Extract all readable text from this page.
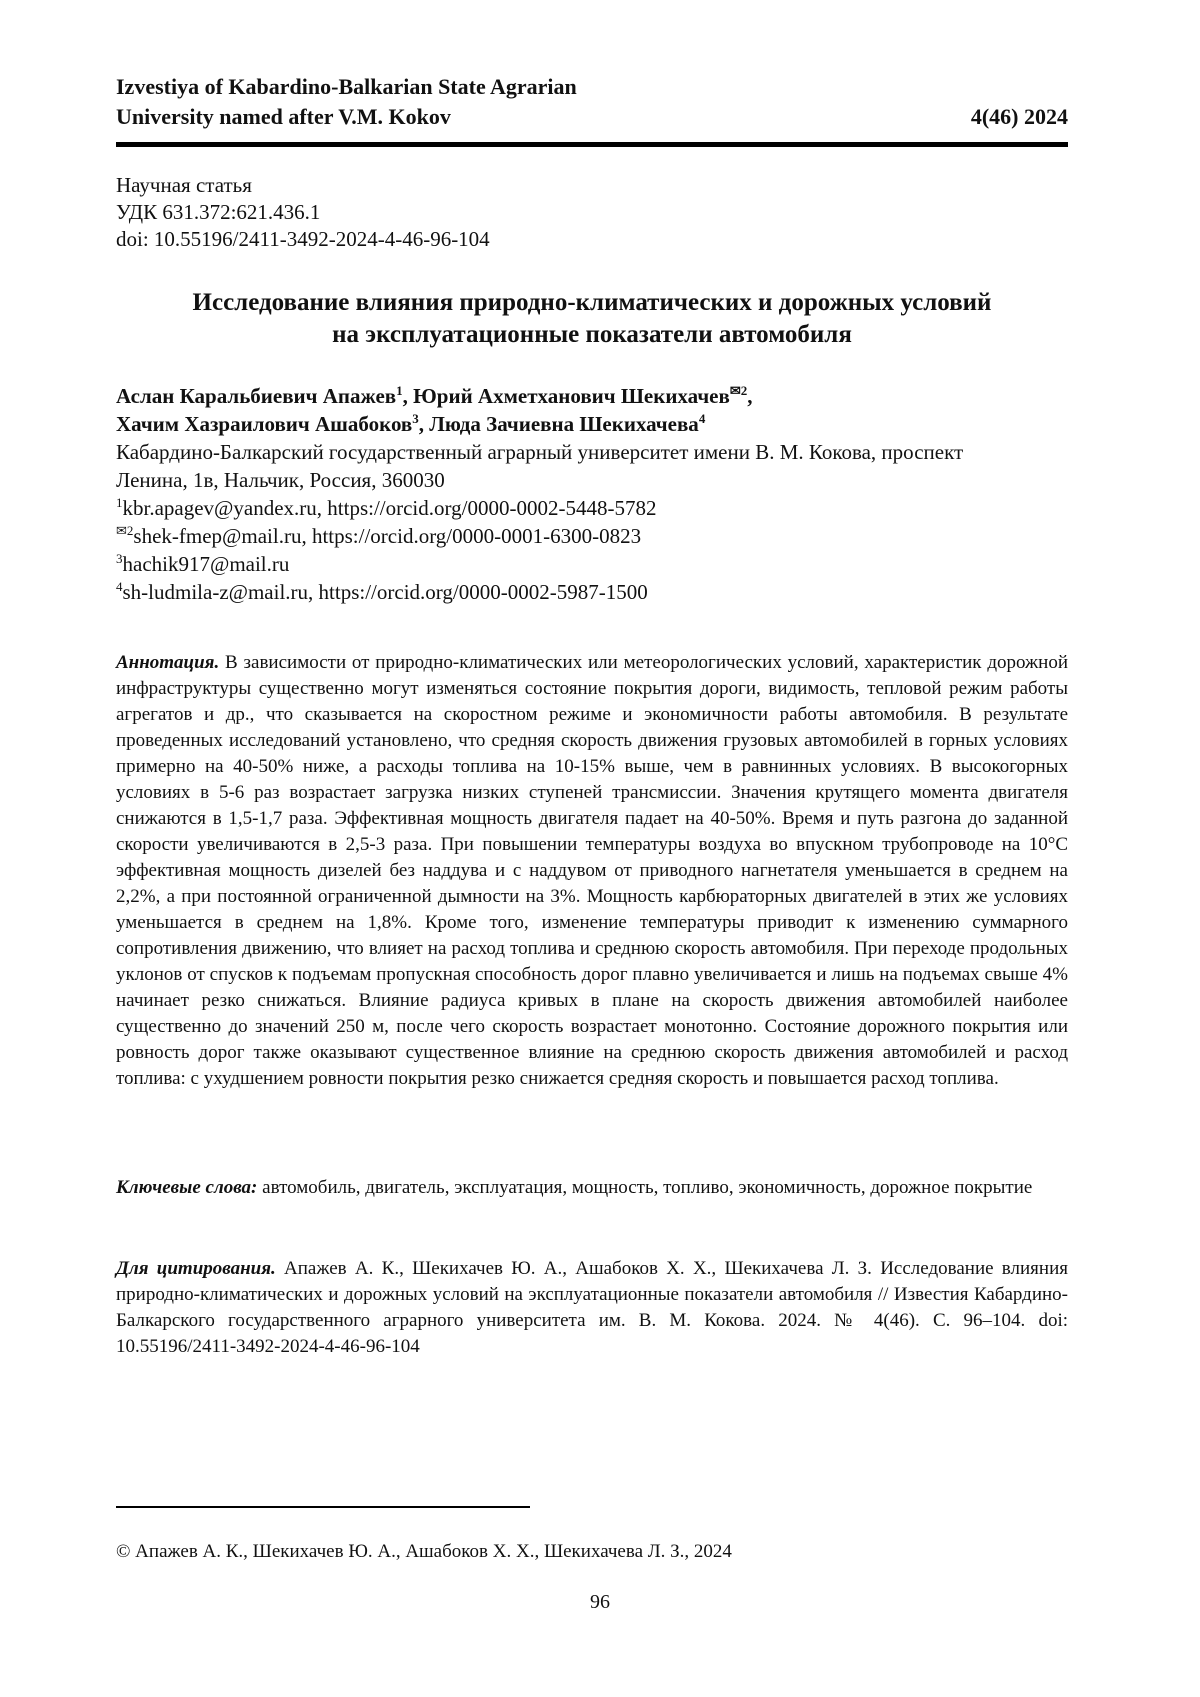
Izvestiya of Kabardino-Balkarian State Agrarian
University named after V.M. Kokov	4(46) 2024
Научная статья
УДК 631.372:621.436.1
doi: 10.55196/2411-3492-2024-4-46-96-104
Исследование влияния природно-климатических и дорожных условий
на эксплуатационные показатели автомобиля
Аслан Каральбиевич Апажев$^1$, Юрий Ахметханович Шекихачев$^{✉2}$,
Хачим Хазраилович Ашабоков$^3$, Люда Зачиевна Шекихачева$^4$
Кабардино-Балкарский государственный аграрный университет имени В. М. Кокова, проспект
Ленина, 1в, Нальчик, Россия, 360030
$^1$kbr.apagev@yandex.ru, https://orcid.org/0000-0002-5448-5782
$^{✉2}$shek-fmep@mail.ru, https://orcid.org/0000-0001-6300-0823
$^3$hachik917@mail.ru
$^4$sh-ludmila-z@mail.ru, https://orcid.org/0000-0002-5987-1500
Аннотация. В зависимости от природно-климатических или метеорологических условий, характеристик дорожной инфраструктуры существенно могут изменяться состояние покрытия дороги, видимость, тепловой режим работы агрегатов и др., что сказывается на скоростном режиме и экономичности работы автомобиля. В результате проведенных исследований установлено, что средняя скорость движения грузовых автомобилей в горных условиях примерно на 40-50% ниже, а расходы топлива на 10-15% выше, чем в равнинных условиях. В высокогорных условиях в 5-6 раз возрастает загрузка низких ступеней трансмиссии. Значения крутящего момента двигателя снижаются в 1,5-1,7 раза. Эффективная мощность двигателя падает на 40-50%. Время и путь разгона до заданной скорости увеличиваются в 2,5-3 раза. При повышении температуры воздуха во впускном трубопроводе на 10°С эффективная мощность дизелей без наддува и с наддувом от приводного нагнетателя уменьшается в среднем на 2,2%, а при постоянной ограниченной дымности на 3%. Мощность карбюраторных двигателей в этих же условиях уменьшается в среднем на 1,8%. Кроме того, изменение температуры приводит к изменению суммарного сопротивления движению, что влияет на расход топлива и среднюю скорость автомобиля. При переходе продольных уклонов от спусков к подъемам пропускная способность дорог плавно увеличивается и лишь на подъемах свыше 4% начинает резко снижаться. Влияние радиуса кривых в плане на скорость движения автомобилей наиболее существенно до значений 250 м, после чего скорость возрастает монотонно. Состояние дорожного покрытия или ровность дорог также оказывают существенное влияние на среднюю скорость движения автомобилей и расход топлива: с ухудшением ровности покрытия резко снижается средняя скорость и повышается расход топлива.
Ключевые слова: автомобиль, двигатель, эксплуатация, мощность, топливо, экономичность, дорожное покрытие
Для цитирования. Апажев А. К., Шекихачев Ю. А., Ашабоков Х. Х., Шекихачева Л. З. Исследование влияния природно-климатических и дорожных условий на эксплуатационные показатели автомобиля // Известия Кабардино- Балкарского государственного аграрного университета им. В. М. Кокова. 2024. № 4(46). С. 96–104. doi: 10.55196/2411-3492-2024-4-46-96-104
© Апажев А. К., Шекихачев Ю. А., Ашабоков Х. Х., Шекихачева Л. З., 2024
96
